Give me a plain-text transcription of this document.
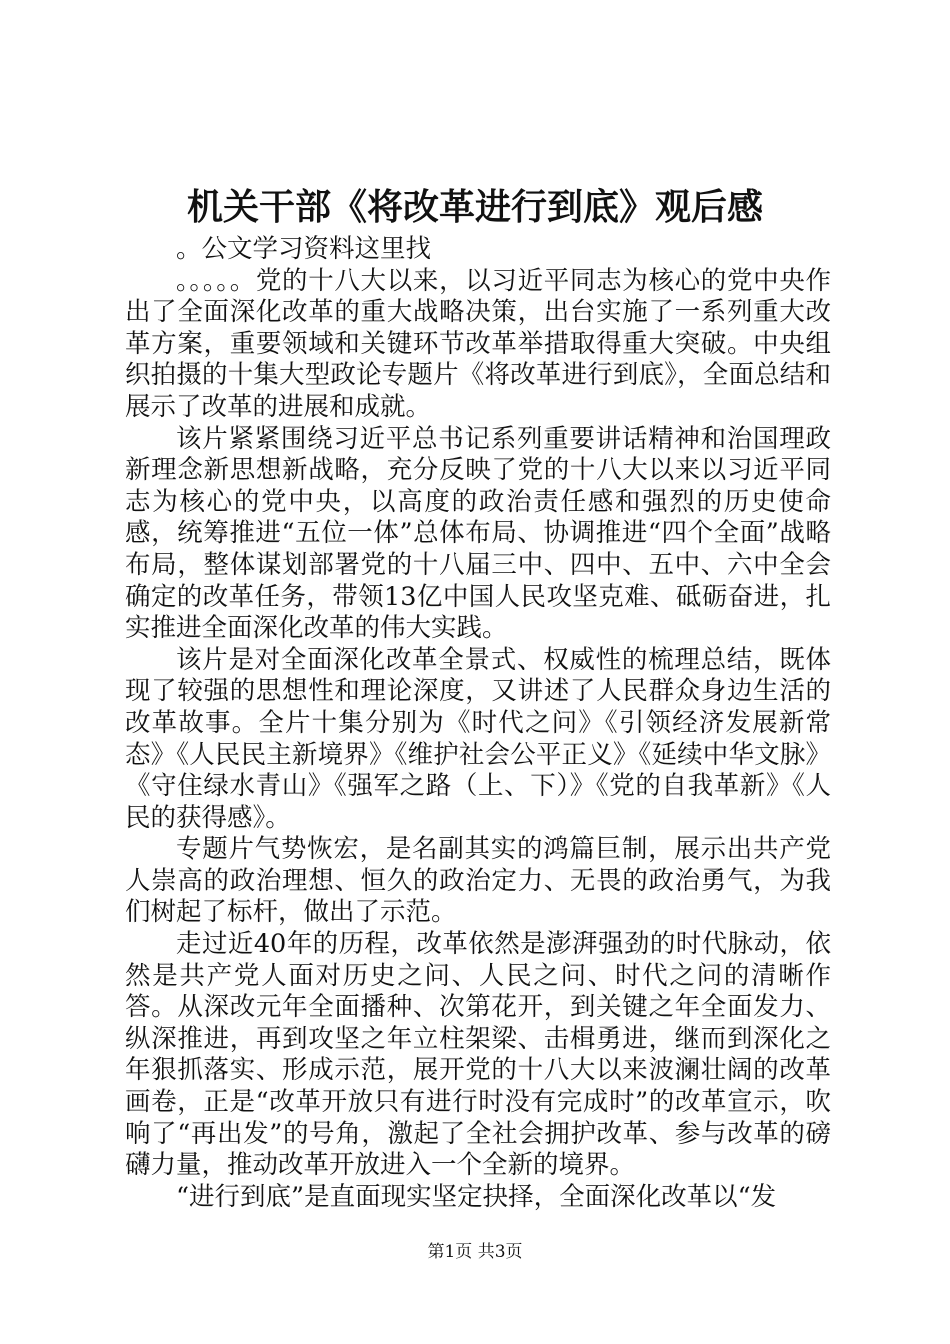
机关干部《将改革进行到底》观后感

。公文学习资料这里找

。。。。。党的十八大以来，以习近平同志为核心的党中央作出了全面深化改革的重大战略决策，出台实施了一系列重大改革方案，重要领域和关键环节改革举措取得重大突破。中央组织拍摄的十集大型政论专题片《将改革进行到底》，全面总结和展示了改革的进展和成就。

该片紧紧围绕习近平总书记系列重要讲话精神和治国理政新理念新思想新战略，充分反映了党的十八大以来以习近平同志为核心的党中央，以高度的政治责任感和强烈的历史使命感，统筹推进“五位一体”总体布局、协调推进“四个全面”战略布局，整体谋划部署党的十八届三中、四中、五中、六中全会确定的改革任务，带领13亿中国人民攻坚克难、砥砺奋进，扎实推进全面深化改革的伟大实践。

该片是对全面深化改革全景式、权威性的梳理总结，既体现了较强的思想性和理论深度，又讲述了人民群众身边生活的改革故事。全片十集分别为《时代之问》《引领经济发展新常态》《人民民主新境界》《维护社会公平正义》《延续中华文脉》《守住绿水青山》《强军之路（上、下）》《党的自我革新》《人民的获得感》。

专题片气势恢宏，是名副其实的鸿篇巨制，展示出共产党人崇高的政治理想、恒久的政治定力、无畏的政治勇气，为我们树起了标杆，做出了示范。

走过近40年的历程，改革依然是澎湃强劲的时代脉动，依然是共产党人面对历史之问、人民之问、时代之问的清晰作答。从深改元年全面播种、次第花开，到关键之年全面发力、纵深推进，再到攻坚之年立柱架梁、击楫勇进，继而到深化之年狠抓落实、形成示范，展开党的十八大以来波澜壮阔的改革画卷，正是“改革开放只有进行时没有完成时”的改革宣示，吹响了“再出发”的号角，激起了全社会拥护改革、参与改革的磅礴力量，推动改革开放进入一个全新的境界。

“进行到底”是直面现实坚定抉择，全面深化改革以“发

第1页 共3页
